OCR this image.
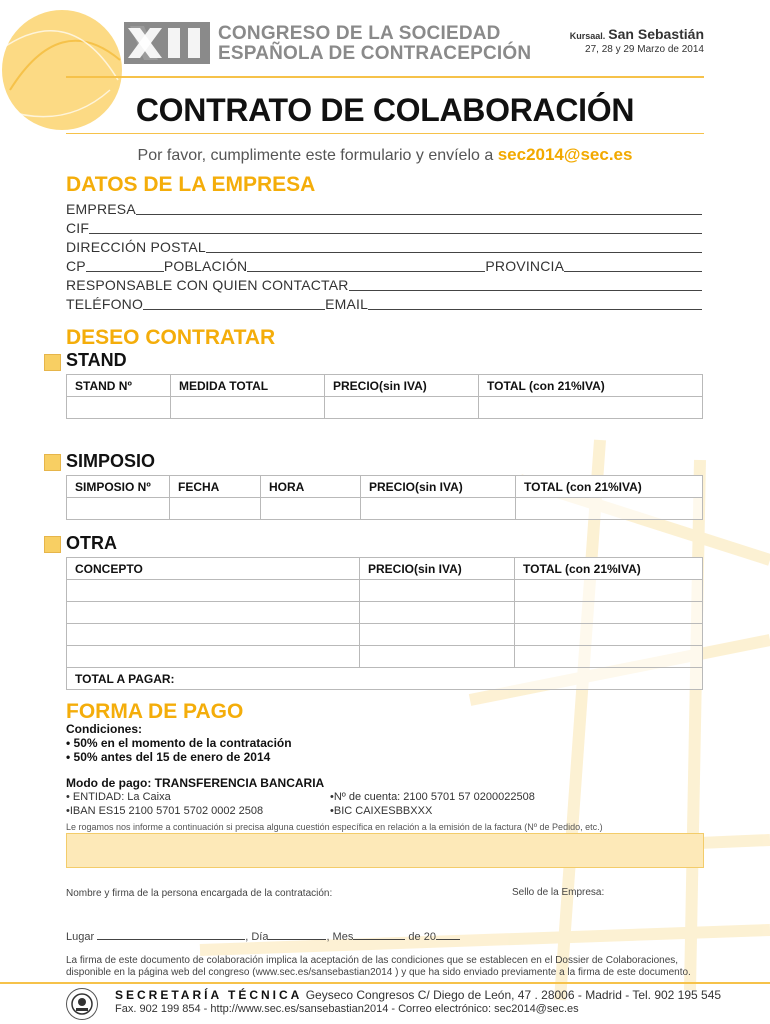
CONGRESO DE LA SOCIEDAD
ESPAÑOLA DE CONTRACEPCIÓN
Kursaal. San Sebastián
27, 28 y 29 Marzo de 2014
CONTRATO DE COLABORACIÓN
Por favor, cumplimente este formulario y envíelo a sec2014@sec.es
DATOS DE LA EMPRESA
EMPRESA
CIF
DIRECCIÓN POSTAL
CP	POBLACIÓN	PROVINCIA
RESPONSABLE CON QUIEN CONTACTAR
TELÉFONO	EMAIL
DESEO CONTRATAR
STAND
STAND Nº	MEDIDA TOTAL	PRECIO(sin IVA)	TOTAL (con 21%IVA)

SIMPOSIO
SIMPOSIO Nº	FECHA	HORA	PRECIO(sin IVA)	TOTAL (con 21%IVA)

OTRA
CONCEPTO	PRECIO(sin IVA)	TOTAL (con 21%IVA)

TOTAL A PAGAR:		
FORMA DE PAGO
Condiciones:
• 50% en el momento de la contratación
• 50% antes del 15 de enero de 2014
Modo de pago: TRANSFERENCIA BANCARIA
• ENTIDAD: La Caixa	•Nº de cuenta: 2100 5701 57 0200022508
•IBAN ES15 2100 5701 5702 0002 2508	•BIC CAIXESBBXXX
Le rogamos nos informe a continuación si precisa alguna cuestión específica en relación a la emisión de la factura (Nº de Pedido, etc.)
Nombre y firma de la persona encargada de la contratación:	Sello de la Empresa:
Lugar	, Día	, Mes	de 20
La firma de este documento de colaboración implica la aceptación de las condiciones que se establecen en el Dossier de Colaboraciones, disponible en la página web del congreso (www.sec.es/sansebastian2014 ) y que ha sido enviado previamente a la firma de este documento.
SECRETARÍA TÉCNICA Geyseco Congresos C/ Diego de León, 47 . 28006 - Madrid - Tel. 902 195 545
Fax. 902 199 854 - http://www.sec.es/sansebastian2014 - Correo electrónico: sec2014@sec.es
